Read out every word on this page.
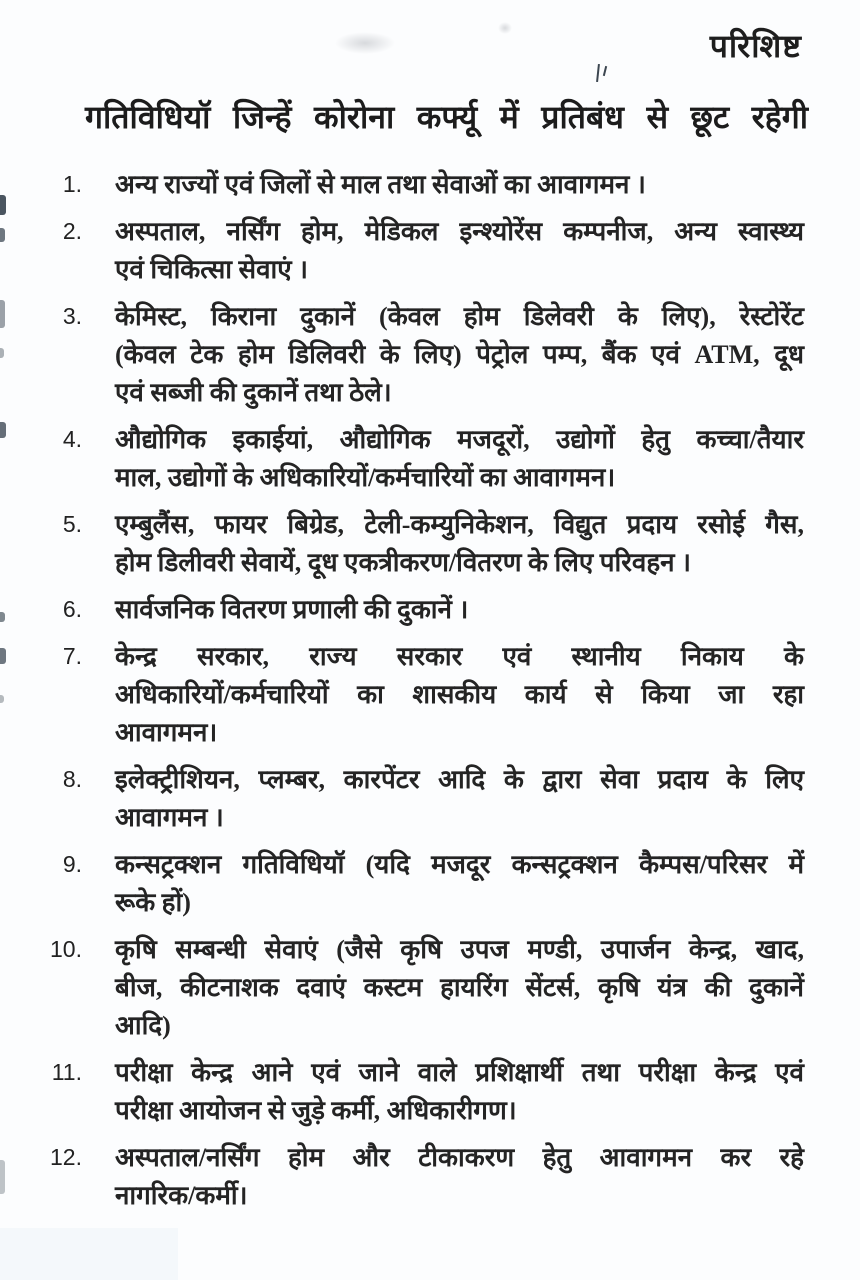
परिशिष्ट
गतिविधियॉ जिन्हें कोरोना कर्फ्यू में प्रतिबंध से छूट रहेगी
1. अन्य राज्यों एवं जिलों से माल तथा सेवाओं का आवागमन ।
2. अस्पताल, नर्सिंग होम, मेडिकल इन्श्योरेंस कम्पनीज, अन्य स्वास्थ्य
एवं चिकित्सा सेवाएं ।
3. केमिस्ट, किराना दुकानें (केवल होम डिलेवरी के लिए), रेस्टोरेंट
(केवल टेक होम डिलिवरी के लिए) पेट्रोल पम्प, बैंक एवं ATM, दूध
एवं सब्जी की दुकानें तथा ठेले।
4. औद्योगिक इकाईयां, औद्योगिक मजदूरों, उद्योगों हेतु कच्चा/तैयार
माल, उद्योगों के अधिकारियों/कर्मचारियों का आवागमन।
5. एम्बुलैंस, फायर बिग्रेड, टेली-कम्युनिकेशन, विद्युत प्रदाय रसोई गैस,
होम डिलीवरी सेवायें, दूध एकत्रीकरण/वितरण के लिए परिवहन ।
6. सार्वजनिक वितरण प्रणाली की दुकानें ।
7. केन्द्र सरकार, राज्य सरकार एवं स्थानीय निकाय के
अधिकारियों/कर्मचारियों का शासकीय कार्य से किया जा रहा
आवागमन।
8. इलेक्ट्रीशियन, प्लम्बर, कारपेंटर आदि के द्वारा सेवा प्रदाय के लिए
आवागमन ।
9. कन्सट्रक्शन गतिविधियॉ (यदि मजदूर कन्सट्रक्शन कैम्पस/परिसर में
रूके हों)
10. कृषि सम्बन्धी सेवाएं (जैसे कृषि उपज मण्डी, उपार्जन केन्द्र, खाद,
बीज, कीटनाशक दवाएं कस्टम हायरिंग सेंटर्स, कृषि यंत्र की दुकानें
आदि)
11. परीक्षा केन्द्र आने एवं जाने वाले प्रशिक्षार्थी तथा परीक्षा केन्द्र एवं
परीक्षा आयोजन से जुड़े कर्मी, अधिकारीगण।
12. अस्पताल/नर्सिंग होम और टीकाकरण हेतु आवागमन कर रहे
नागरिक/कर्मी।
